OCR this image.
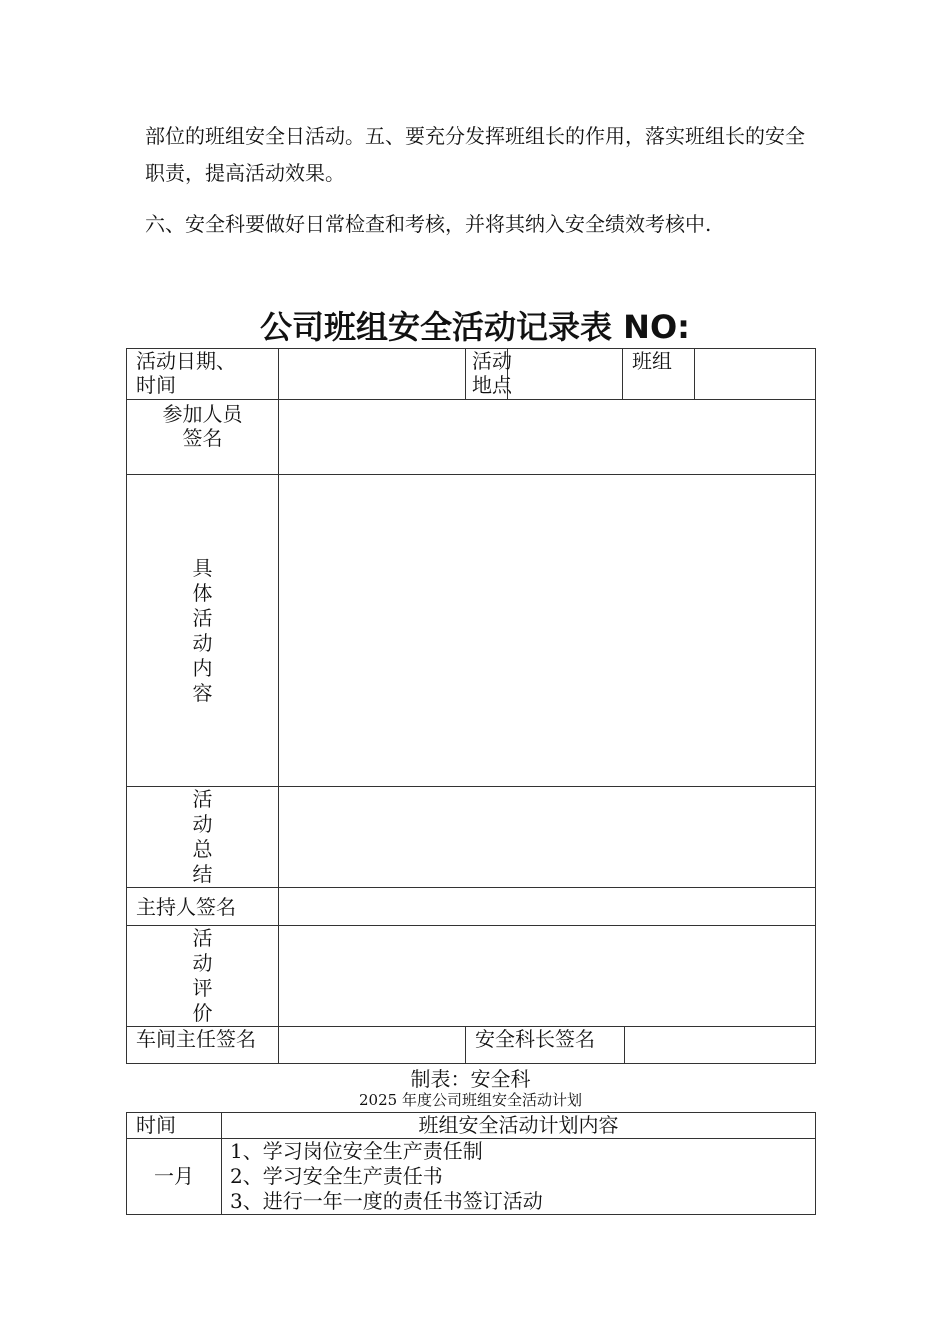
部位的班组安全日活动。五、要充分发挥班组长的作用，落实班组长的安全职责，提高活动效果。
六、安全科要做好日常检查和考核，并将其纳入安全绩效考核中.
公司班组安全活动记录表 NO:
活动日期、时间		活动地点		班组		
参加人员签名						
具体活动内容						
活动总结						
主持人签名						
活动评价						
车间主任签名		安全科长签名				
制表：安全科
2025 年度公司班组安全活动计划
时间	班组安全活动计划内容
一月	1、学习岗位安全生产责任制
2、学习安全生产责任书
3、进行一年一度的责任书签订活动
